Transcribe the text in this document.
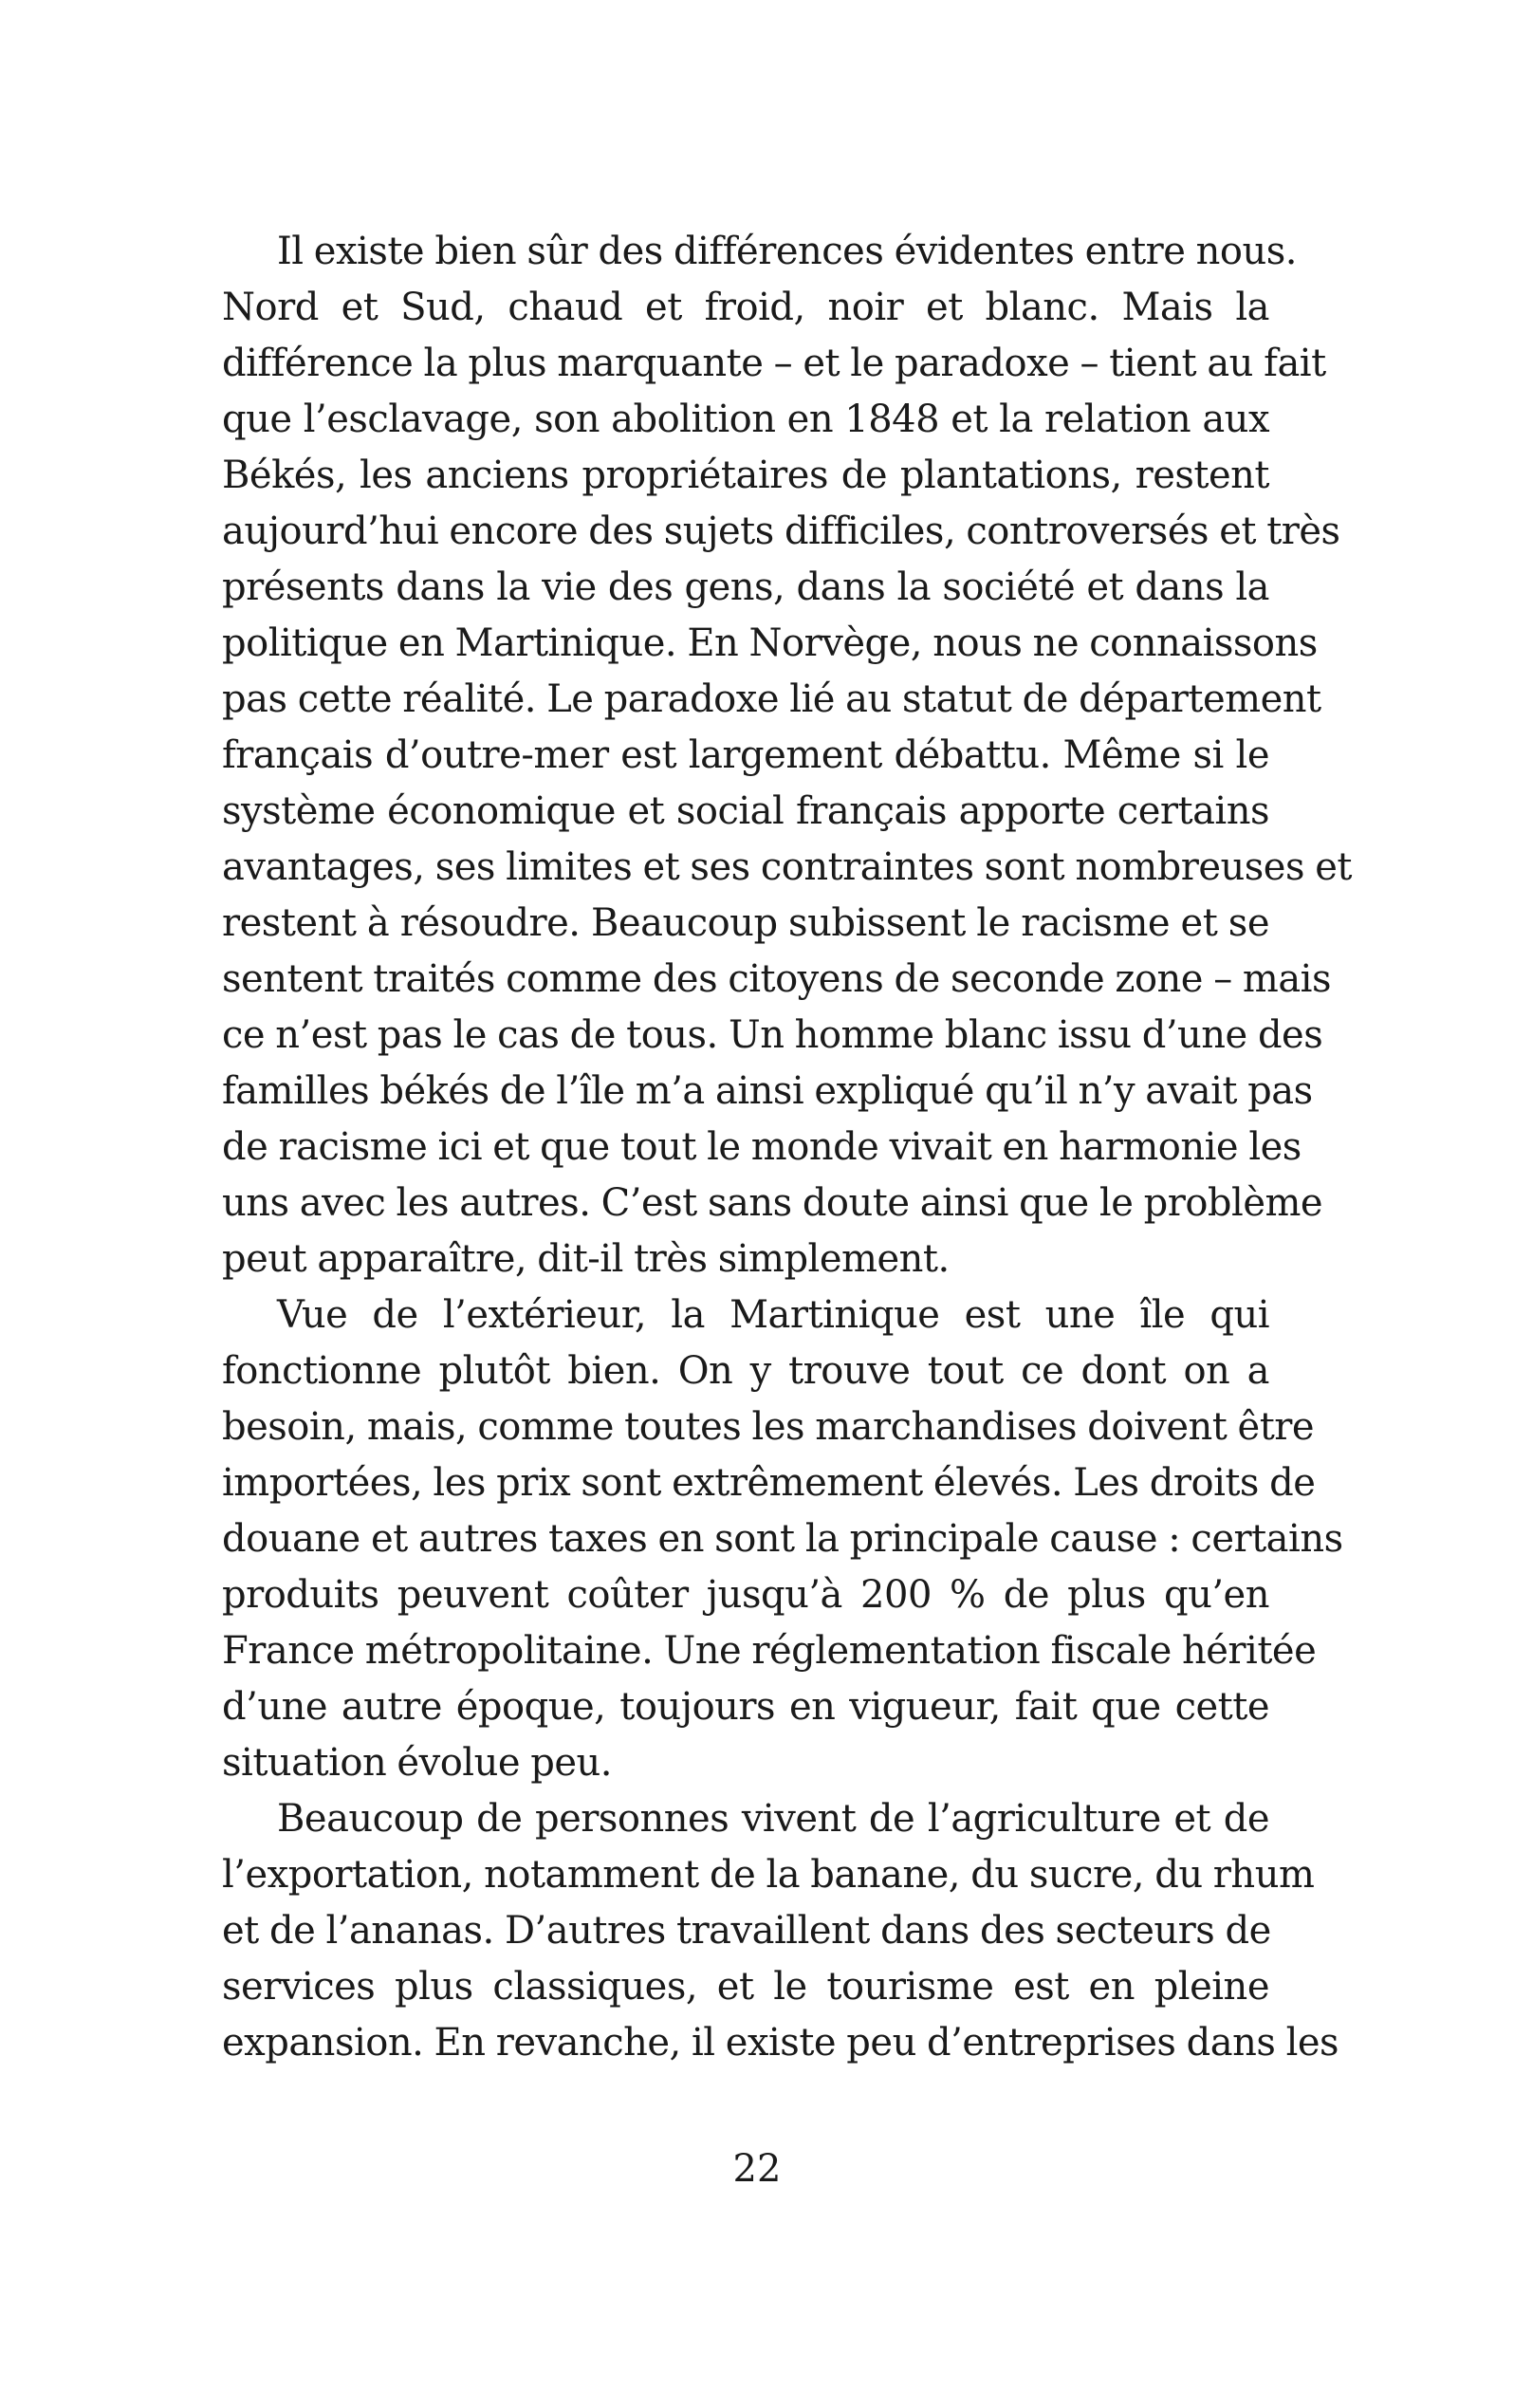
Il existe bien sûr des différences évidentes entre nous.
Nord et Sud, chaud et froid, noir et blanc. Mais la
différence la plus marquante – et le paradoxe – tient au fait
que l’esclavage, son abolition en 1848 et la relation aux
Békés, les anciens propriétaires de plantations, restent
aujourd’hui encore des sujets difficiles, controversés et très
présents dans la vie des gens, dans la société et dans la
politique en Martinique. En Norvège, nous ne connaissons
pas cette réalité. Le paradoxe lié au statut de département
français d’outre-mer est largement débattu. Même si le
système économique et social français apporte certains
avantages, ses limites et ses contraintes sont nombreuses et
restent à résoudre. Beaucoup subissent le racisme et se
sentent traités comme des citoyens de seconde zone – mais
ce n’est pas le cas de tous. Un homme blanc issu d’une des
familles békés de l’île m’a ainsi expliqué qu’il n’y avait pas
de racisme ici et que tout le monde vivait en harmonie les
uns avec les autres. C’est sans doute ainsi que le problème
peut apparaître, dit-il très simplement.
Vue de l’extérieur, la Martinique est une île qui
fonctionne plutôt bien. On y trouve tout ce dont on a
besoin, mais, comme toutes les marchandises doivent être
importées, les prix sont extrêmement élevés. Les droits de
douane et autres taxes en sont la principale cause : certains
produits peuvent coûter jusqu’à 200 % de plus qu’en
France métropolitaine. Une réglementation fiscale héritée
d’une autre époque, toujours en vigueur, fait que cette
situation évolue peu.
Beaucoup de personnes vivent de l’agriculture et de
l’exportation, notamment de la banane, du sucre, du rhum
et de l’ananas. D’autres travaillent dans des secteurs de
services plus classiques, et le tourisme est en pleine
expansion. En revanche, il existe peu d’entreprises dans les
22
